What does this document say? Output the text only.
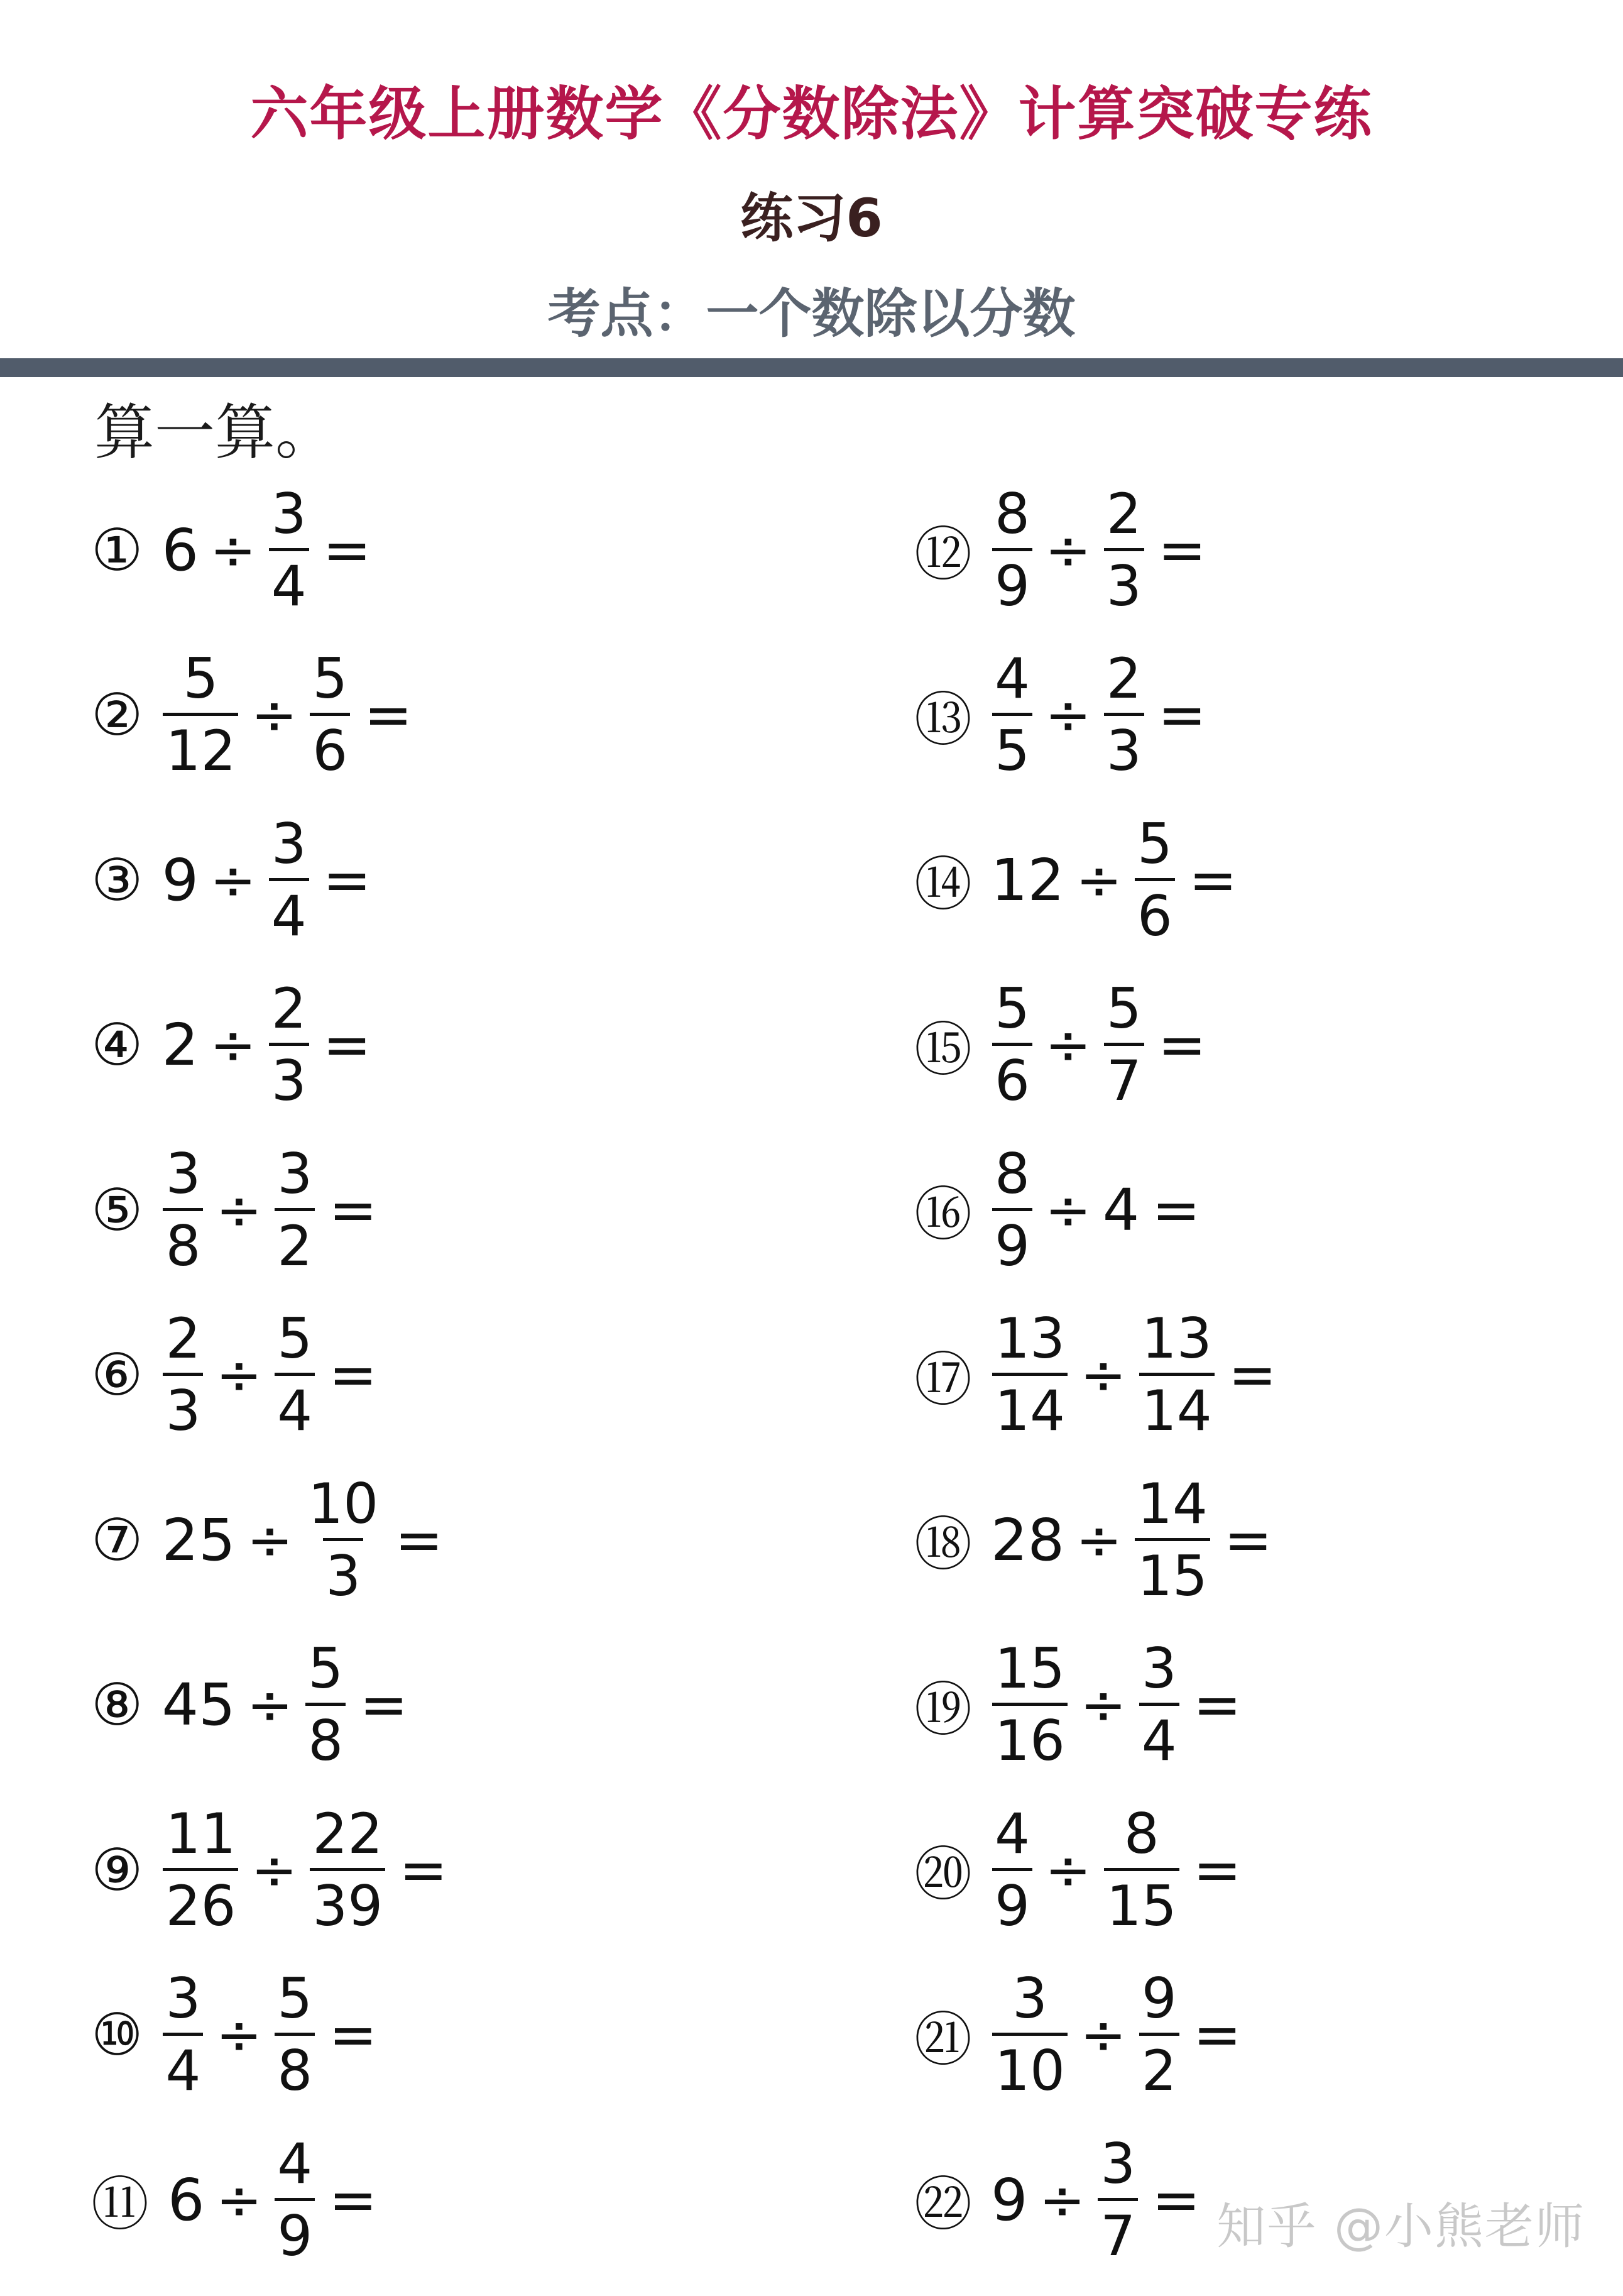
六年级上册数学《分数除法》计算突破专练
练习6
考点：一个数除以分数

算一算。

① $6 \div \frac{3}{4}$ =
② $\frac{5}{12} \div \frac{5}{6}$ =
③ $9 \div \frac{3}{4}$ =
④ $2 \div \frac{2}{3}$ =
⑤ $\frac{3}{8} \div \frac{3}{2}$ =
⑥ $\frac{2}{3} \div \frac{5}{4}$ =
⑦ $25 \div \frac{10}{3}$ =
⑧ $45 \div \frac{5}{8}$ =
⑨ $\frac{11}{26} \div \frac{22}{39}$ =
⑩ $\frac{3}{4} \div \frac{5}{8}$ =
⑪ $6 \div \frac{4}{9}$ =
⑫ $\frac{8}{9} \div \frac{2}{3}$ =
⑬ $\frac{4}{5} \div \frac{2}{3}$ =
⑭ $12 \div \frac{5}{6}$ =
⑮ $\frac{5}{6} \div \frac{5}{7}$ =
⑯ $\frac{8}{9} \div 4$ =
⑰ $\frac{13}{14} \div \frac{13}{14}$ =
⑱ $28 \div \frac{14}{15}$ =
⑲ $\frac{15}{16} \div \frac{3}{4}$ =
⑳ $\frac{4}{9} \div \frac{8}{15}$ =
㉑ $\frac{3}{10} \div \frac{9}{2}$ =
㉒ $9 \div \frac{3}{7}$ = 知乎 @小熊老师
